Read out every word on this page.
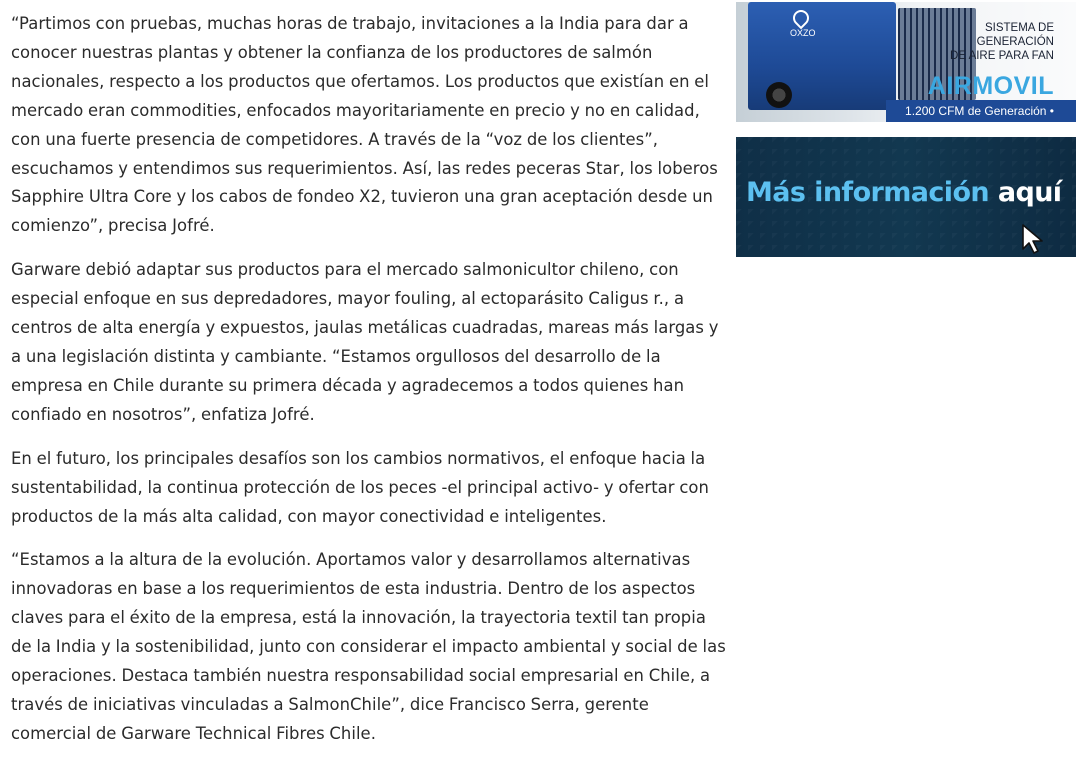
“Partimos con pruebas, muchas horas de trabajo, invitaciones a la India para dar a conocer nuestras plantas y obtener la confianza de los productores de salmón nacionales, respecto a los productos que ofertamos. Los productos que existían en el mercado eran commodities, enfocados mayoritariamente en precio y no en calidad, con una fuerte presencia de competidores. A través de la “voz de los clientes”, escuchamos y entendimos sus requerimientos. Así, las redes peceras Star, los loberos Sapphire Ultra Core y los cabos de fondeo X2, tuvieron una gran aceptación desde un comienzo”, precisa Jofré.

Garware debió adaptar sus productos para el mercado salmonicultor chileno, con especial enfoque en sus depredadores, mayor fouling, al ectoparásito Caligus r., a centros de alta energía y expuestos, jaulas metálicas cuadradas, mareas más largas y a una legislación distinta y cambiante. “Estamos orgullosos del desarrollo de la empresa en Chile durante su primera década y agradecemos a todos quienes han confiado en nosotros”, enfatiza Jofré.

En el futuro, los principales desafíos son los cambios normativos, el enfoque hacia la sustentabilidad, la continua protección de los peces -el principal activo- y ofertar con productos de la más alta calidad, con mayor conectividad e inteligentes.

“Estamos a la altura de la evolución. Aportamos valor y desarrollamos alternativas innovadoras en base a los requerimientos de esta industria. Dentro de los aspectos claves para el éxito de la empresa, está la innovación, la trayectoria textil tan propia de la India y la sostenibilidad, junto con considerar el impacto ambiental y social de las operaciones. Destaca también nuestra responsabilidad social empresarial en Chile, a través de iniciativas vinculadas a SalmonChile”, dice Francisco Serra, gerente comercial de Garware Technical Fibres Chile.

OXZO	SISTEMA DE
GENERACIÓN
DE AIRE PARA FAN
AIRMOVIL
1.200 CFM de Generación •
Más información aquí
